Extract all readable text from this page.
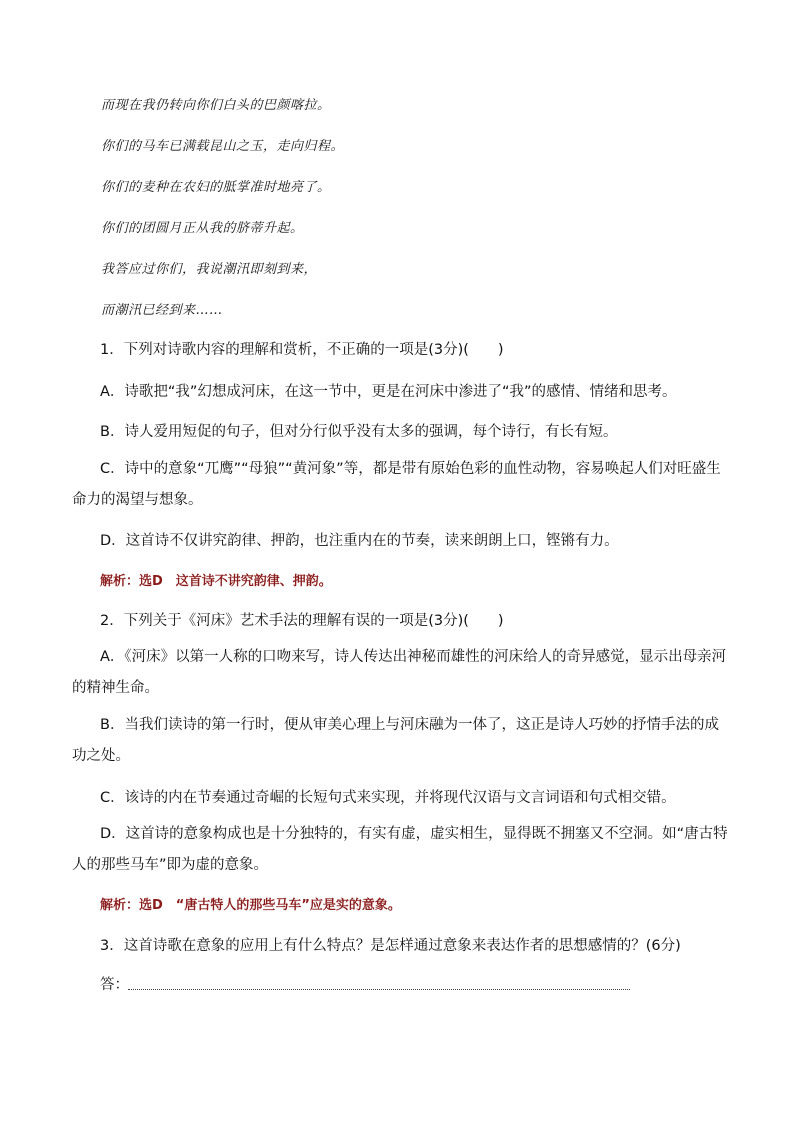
而现在我仍转向你们白头的巴颜喀拉。
你们的马车已满载昆山之玉，走向归程。
你们的麦种在农妇的胝掌准时地亮了。
你们的团圆月正从我的脐蒂升起。
我答应过你们，我说潮汛即刻到来，
而潮汛已经到来……
1．下列对诗歌内容的理解和赏析，不正确的一项是(3分)(　　)
A．诗歌把“我”幻想成河床，在这一节中，更是在河床中渗进了“我”的感情、情绪和思考。
B．诗人爱用短促的句子，但对分行似乎没有太多的强调，每个诗行，有长有短。
C．诗中的意象“兀鹰”“母狼”“黄河象”等，都是带有原始色彩的血性动物，容易唤起人们对旺盛生命力的渴望与想象。
D．这首诗不仅讲究韵律、押韵，也注重内在的节奏，读来朗朗上口，铿锵有力。
解析：选D　这首诗不讲究韵律、押韵。
2．下列关于《河床》艺术手法的理解有误的一项是(3分)(　　)
A．《河床》以第一人称的口吻来写，诗人传达出神秘而雄性的河床给人的奇异感觉，显示出母亲河的精神生命。
B．当我们读诗的第一行时，便从审美心理上与河床融为一体了，这正是诗人巧妙的抒情手法的成功之处。
C．该诗的内在节奏通过奇崛的长短句式来实现，并将现代汉语与文言词语和句式相交错。
D．这首诗的意象构成也是十分独特的，有实有虚，虚实相生，显得既不拥塞又不空洞。如“唐古特人的那些马车”即为虚的意象。
解析：选D　“唐古特人的那些马车”应是实的意象。
3．这首诗歌在意象的应用上有什么特点？是怎样通过意象来表达作者的思想感情的？(6分)
答：
